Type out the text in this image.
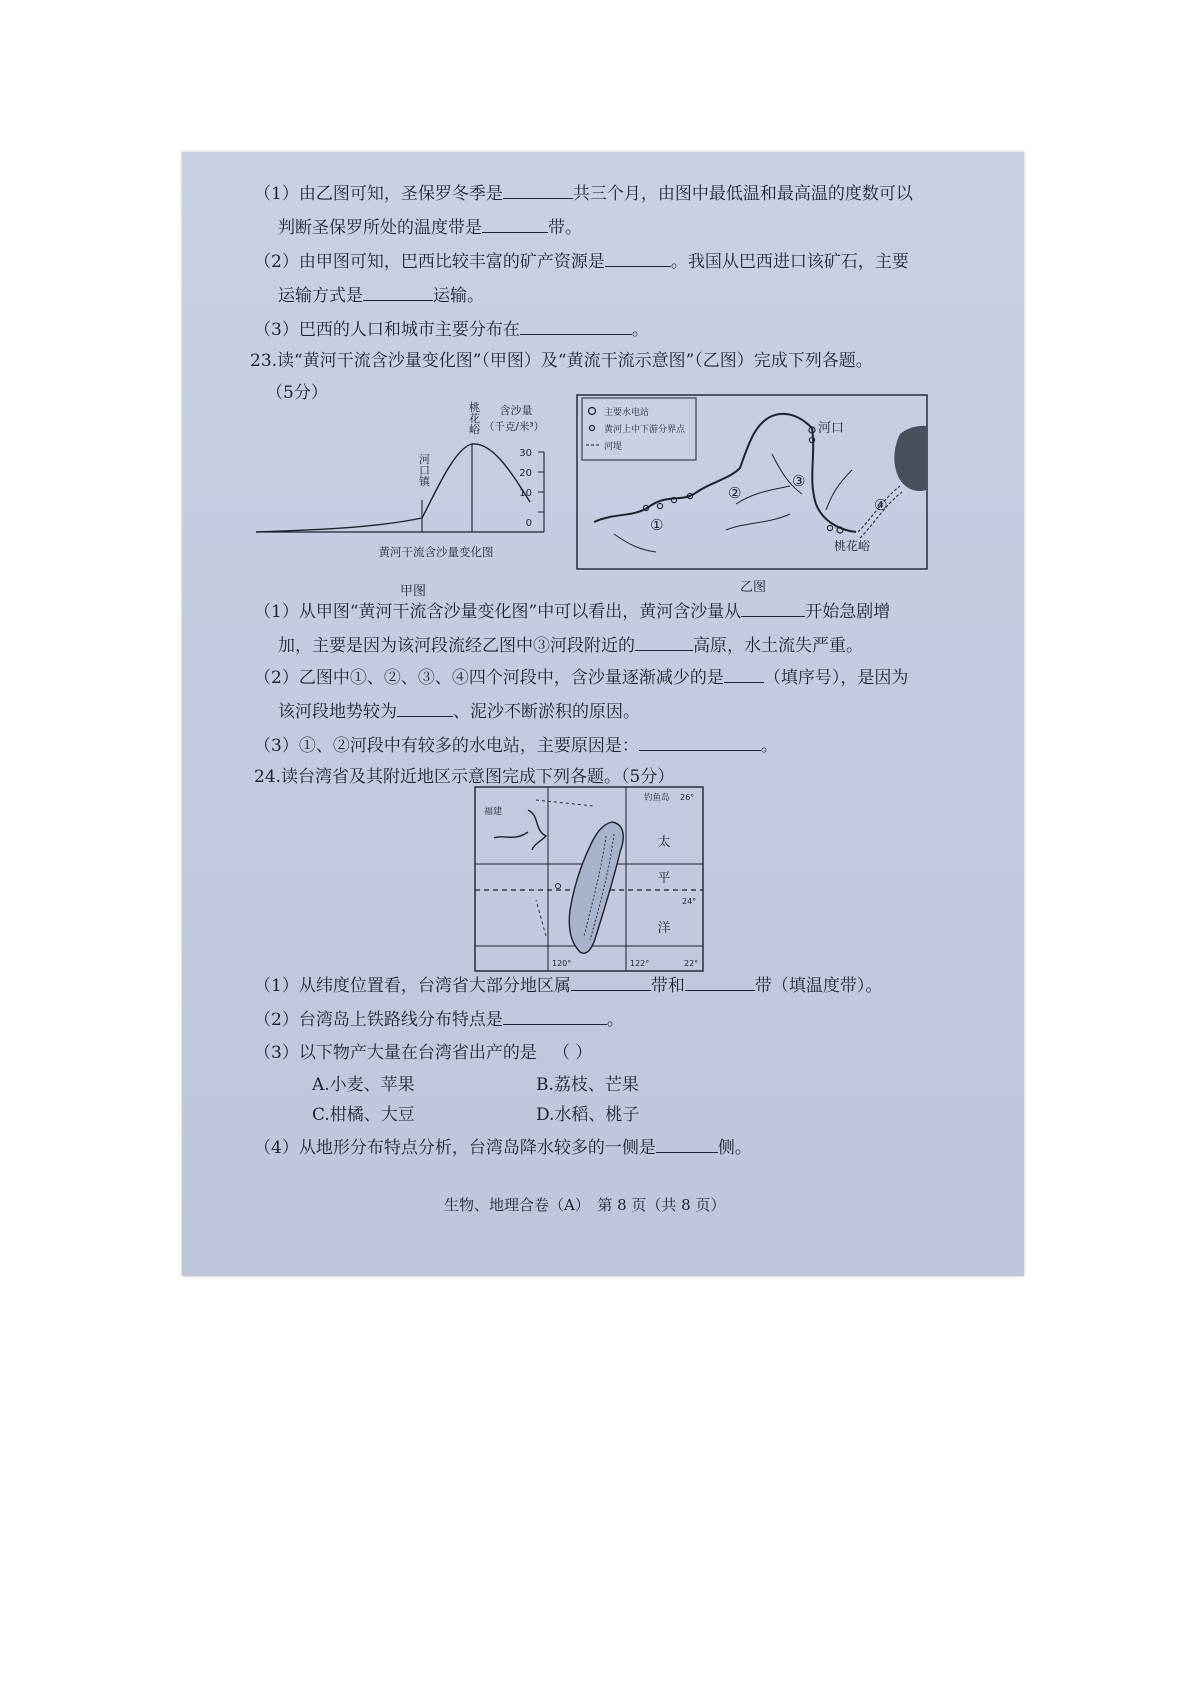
（1）由乙图可知，圣保罗冬季是	共三个月，由图中最低温和最高温的度数可以
判断圣保罗所处的温度带是	带。
（2）由甲图可知，巴西比较丰富的矿产资源是	。我国从巴西进口该矿石，主要
运输方式是	运输。
（3）巴西的人口和城市主要分布在	。
23.读“黄河干流含沙量变化图”（甲图）及“黄流干流示意图”（乙图）完成下列各题。
（5分）
桃花峪
河口镇
含沙量
（千克/米³）
30
20
10
0
黄河干流含沙量变化图
甲图
主要水电站
黄河上中下游分界点
河堤
河口
桃花峪
①
②
③
④
乙图
（1）从甲图“黄河干流含沙量变化图”中可以看出，黄河含沙量从	开始急剧增
加，主要是因为该河段流经乙图中③河段附近的	高原，水土流失严重。
（2）乙图中①、②、③、④四个河段中，含沙量逐渐减少的是 （填序号），是因为
该河段地势较为	、泥沙不断淤积的原因。
（3）①、②河段中有较多的水电站，主要原因是：	。
24.读台湾省及其附近地区示意图完成下列各题。（5分）
福建
钓鱼岛 26°
24°
22°
120°	122°
太
平
洋
（1）从纬度位置看，台湾省大部分地区属	带和	带（填温度带）。
（2）台湾岛上铁路线分布特点是	。
（3）以下物产大量在台湾省出产的是 （ ）
A.小麦、苹果	B.荔枝、芒果
C.柑橘、大豆	D.水稻、桃子
（4）从地形分布特点分析，台湾岛降水较多的一侧是	侧。
生物、地理合卷（A）　第 8 页（共 8 页）
